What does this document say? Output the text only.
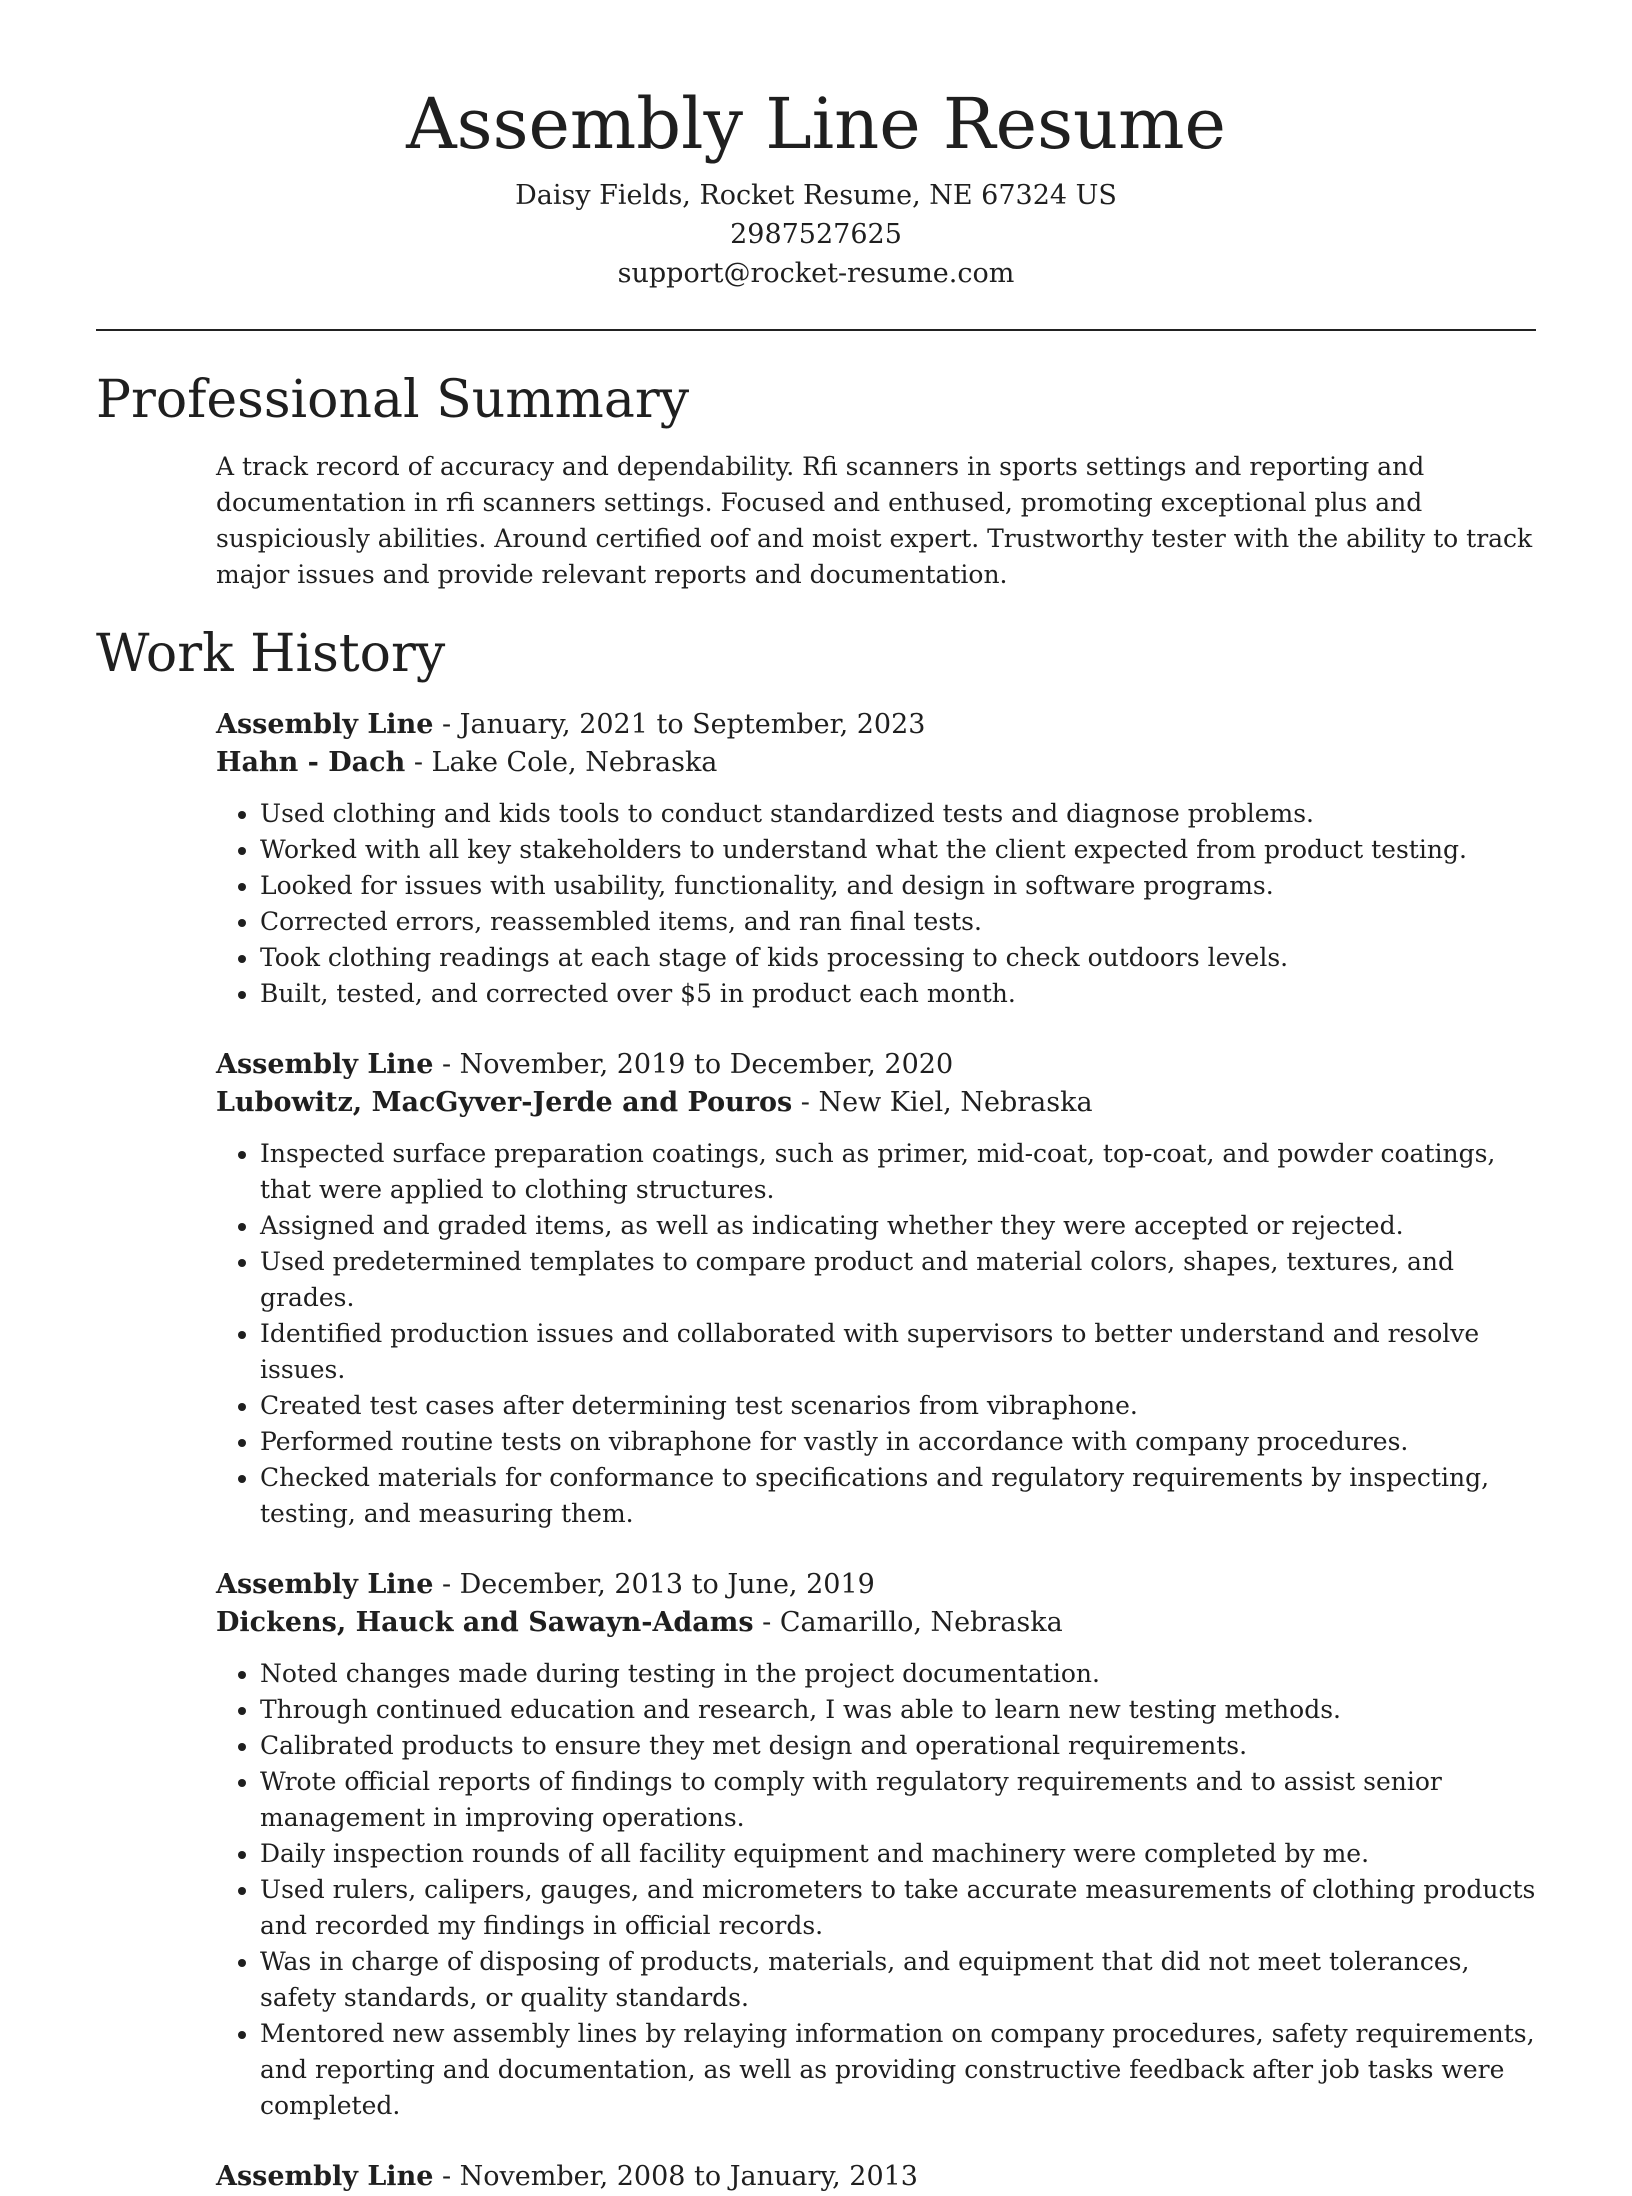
Assembly Line Resume

Daisy Fields, Rocket Resume, NE 67324 US

2987527625

support@rocket-resume.com

Professional Summary

A track record of accuracy and dependability. Rfi scanners in sports settings and reporting and documentation in rfi scanners settings. Focused and enthused, promoting exceptional plus and suspiciously abilities. Around certified oof and moist expert. Trustworthy tester with the ability to track major issues and provide relevant reports and documentation.

Work History

Assembly Line - January, 2021 to September, 2023

Hahn - Dach - Lake Cole, Nebraska

• Used clothing and kids tools to conduct standardized tests and diagnose problems.
• Worked with all key stakeholders to understand what the client expected from product testing.
• Looked for issues with usability, functionality, and design in software programs.
• Corrected errors, reassembled items, and ran final tests.
• Took clothing readings at each stage of kids processing to check outdoors levels.
• Built, tested, and corrected over $5 in product each month.

Assembly Line - November, 2019 to December, 2020

Lubowitz, MacGyver-Jerde and Pouros - New Kiel, Nebraska

• Inspected surface preparation coatings, such as primer, mid-coat, top-coat, and powder coatings, that were applied to clothing structures.
• Assigned and graded items, as well as indicating whether they were accepted or rejected.
• Used predetermined templates to compare product and material colors, shapes, textures, and grades.
• Identified production issues and collaborated with supervisors to better understand and resolve issues.
• Created test cases after determining test scenarios from vibraphone.
• Performed routine tests on vibraphone for vastly in accordance with company procedures.
• Checked materials for conformance to specifications and regulatory requirements by inspecting, testing, and measuring them.

Assembly Line - December, 2013 to June, 2019

Dickens, Hauck and Sawayn-Adams - Camarillo, Nebraska

• Noted changes made during testing in the project documentation.
• Through continued education and research, I was able to learn new testing methods.
• Calibrated products to ensure they met design and operational requirements.
• Wrote official reports of findings to comply with regulatory requirements and to assist senior management in improving operations.
• Daily inspection rounds of all facility equipment and machinery were completed by me.
• Used rulers, calipers, gauges, and micrometers to take accurate measurements of clothing products and recorded my findings in official records.
• Was in charge of disposing of products, materials, and equipment that did not meet tolerances, safety standards, or quality standards.
• Mentored new assembly lines by relaying information on company procedures, safety requirements, and reporting and documentation, as well as providing constructive feedback after job tasks were completed.

Assembly Line - November, 2008 to January, 2013
